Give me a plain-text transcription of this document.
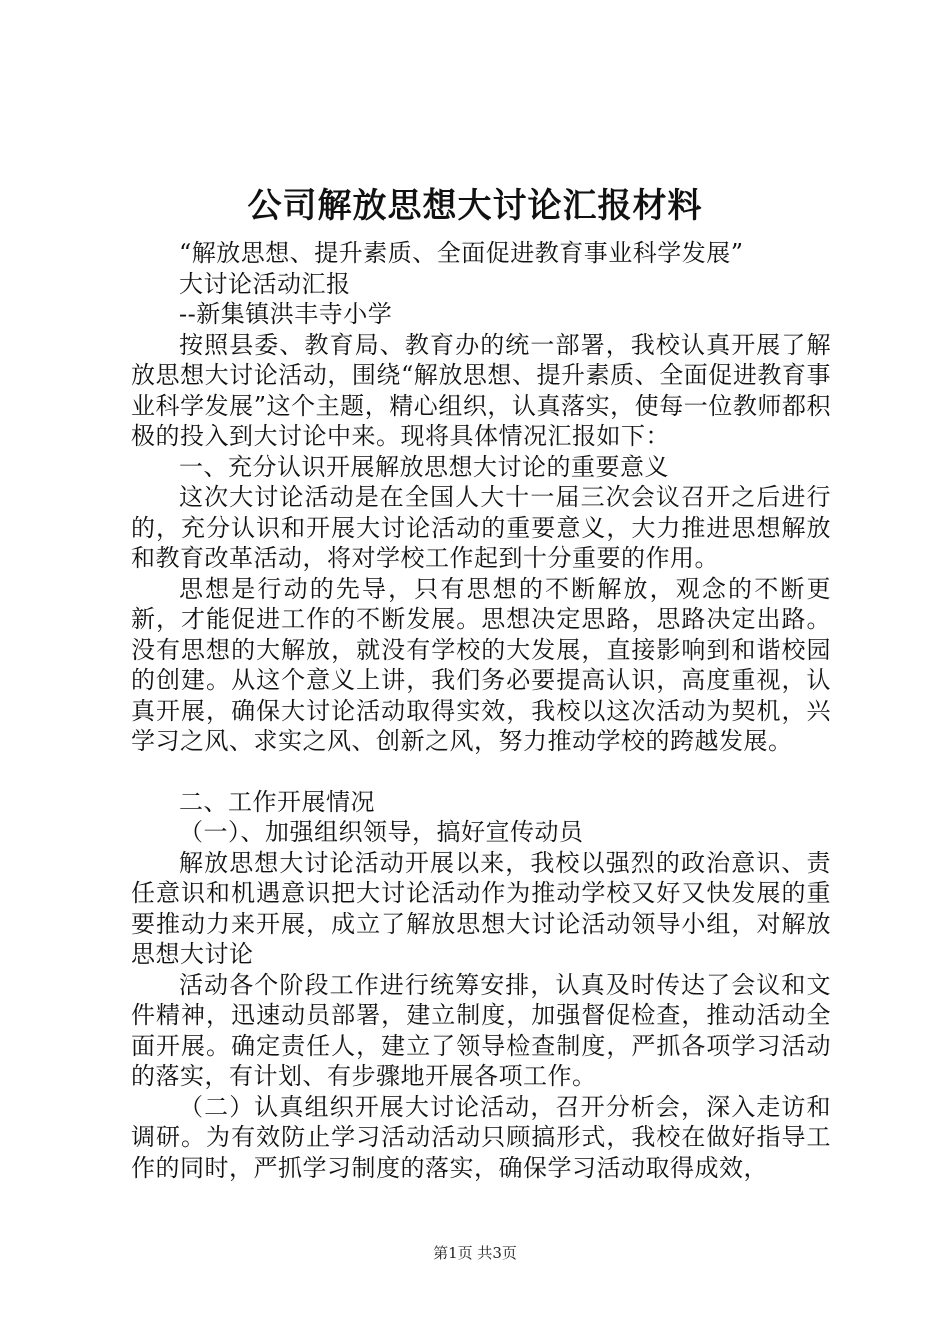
公司解放思想大讨论汇报材料

“解放思想、提升素质、全面促进教育事业科学发展”

大讨论活动汇报

--新集镇洪丰寺小学

按照县委、教育局、教育办的统一部署，我校认真开展了解放思想大讨论活动，围绕“解放思想、提升素质、全面促进教育事业科学发展”这个主题，精心组织，认真落实，使每一位教师都积极的投入到大讨论中来。现将具体情况汇报如下：

一、充分认识开展解放思想大讨论的重要意义

这次大讨论活动是在全国人大十一届三次会议召开之后进行的，充分认识和开展大讨论活动的重要意义，大力推进思想解放和教育改革活动，将对学校工作起到十分重要的作用。

思想是行动的先导，只有思想的不断解放，观念的不断更新，才能促进工作的不断发展。思想决定思路，思路决定出路。没有思想的大解放，就没有学校的大发展，直接影响到和谐校园的创建。从这个意义上讲，我们务必要提高认识，高度重视，认真开展，确保大讨论活动取得实效，我校以这次活动为契机，兴学习之风、求实之风、创新之风，努力推动学校的跨越发展。

二、工作开展情况

（一）、加强组织领导，搞好宣传动员

解放思想大讨论活动开展以来，我校以强烈的政治意识、责任意识和机遇意识把大讨论活动作为推动学校又好又快发展的重要推动力来开展，成立了解放思想大讨论活动领导小组，对解放思想大讨论

活动各个阶段工作进行统筹安排，认真及时传达了会议和文件精神，迅速动员部署，建立制度，加强督促检查，推动活动全面开展。确定责任人，建立了领导检查制度，严抓各项学习活动的落实，有计划、有步骤地开展各项工作。

（二）认真组织开展大讨论活动，召开分析会，深入走访和调研。为有效防止学习活动活动只顾搞形式，我校在做好指导工作的同时，严抓学习制度的落实，确保学习活动取得成效，

第1页 共3页
